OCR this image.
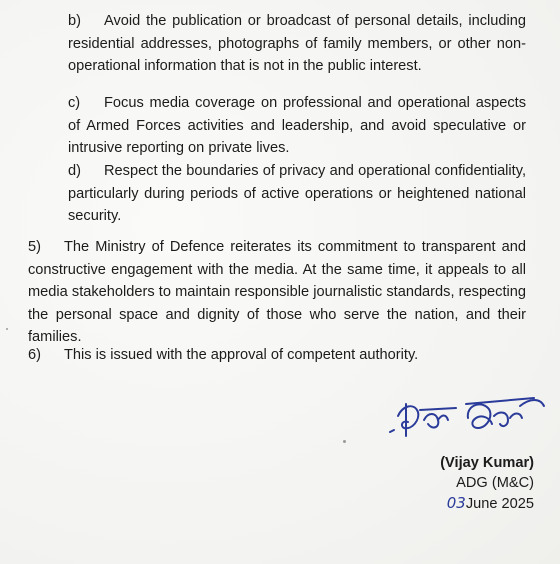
b) Avoid the publication or broadcast of personal details, including residential addresses, photographs of family members, or other non-operational information that is not in the public interest.
c) Focus media coverage on professional and operational aspects of Armed Forces activities and leadership, and avoid speculative or intrusive reporting on private lives.
d) Respect the boundaries of privacy and operational confidentiality, particularly during periods of active operations or heightened national security.
5) The Ministry of Defence reiterates its commitment to transparent and constructive engagement with the media. At the same time, it appeals to all media stakeholders to maintain responsible journalistic standards, respecting the personal space and dignity of those who serve the nation, and their families.
6) This is issued with the approval of competent authority.
(Vijay Kumar)
ADG (M&C)
03June 2025
